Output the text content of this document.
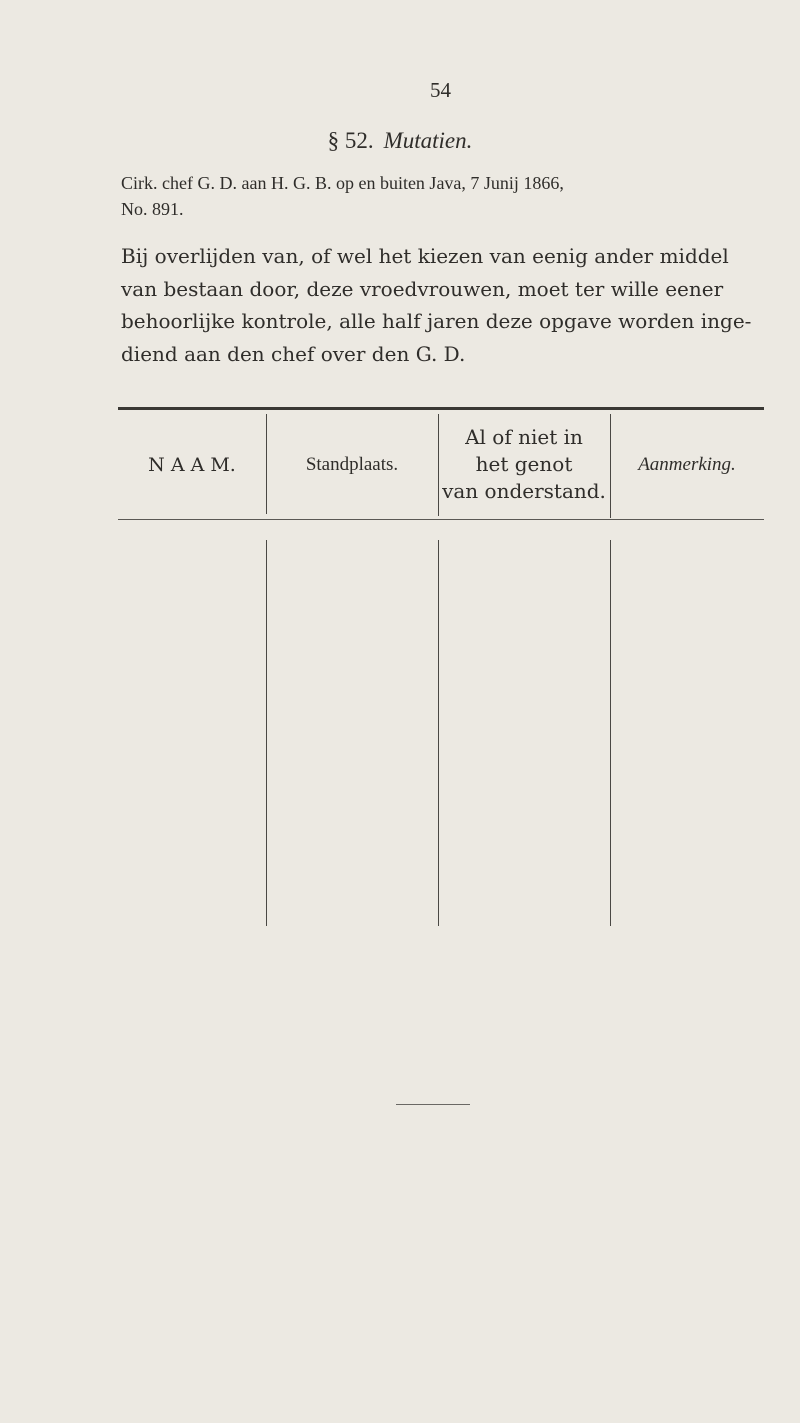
54
§ 52. Mutatien.
Cirk. chef G. D. aan H. G. B. op en buiten Java, 7 Junij 1866,
No. 891.
Bij overlijden van, of wel het kiezen van eenig ander middel
van bestaan door, deze vroedvrouwen, moet ter wille eener
behoorlijke kontrole, alle half jaren deze opgave worden inge-
diend aan den chef over den G. D.
N A A M.	Standplaats.
Al of niet in
het genot
van onderstand.
Aanmerking.
